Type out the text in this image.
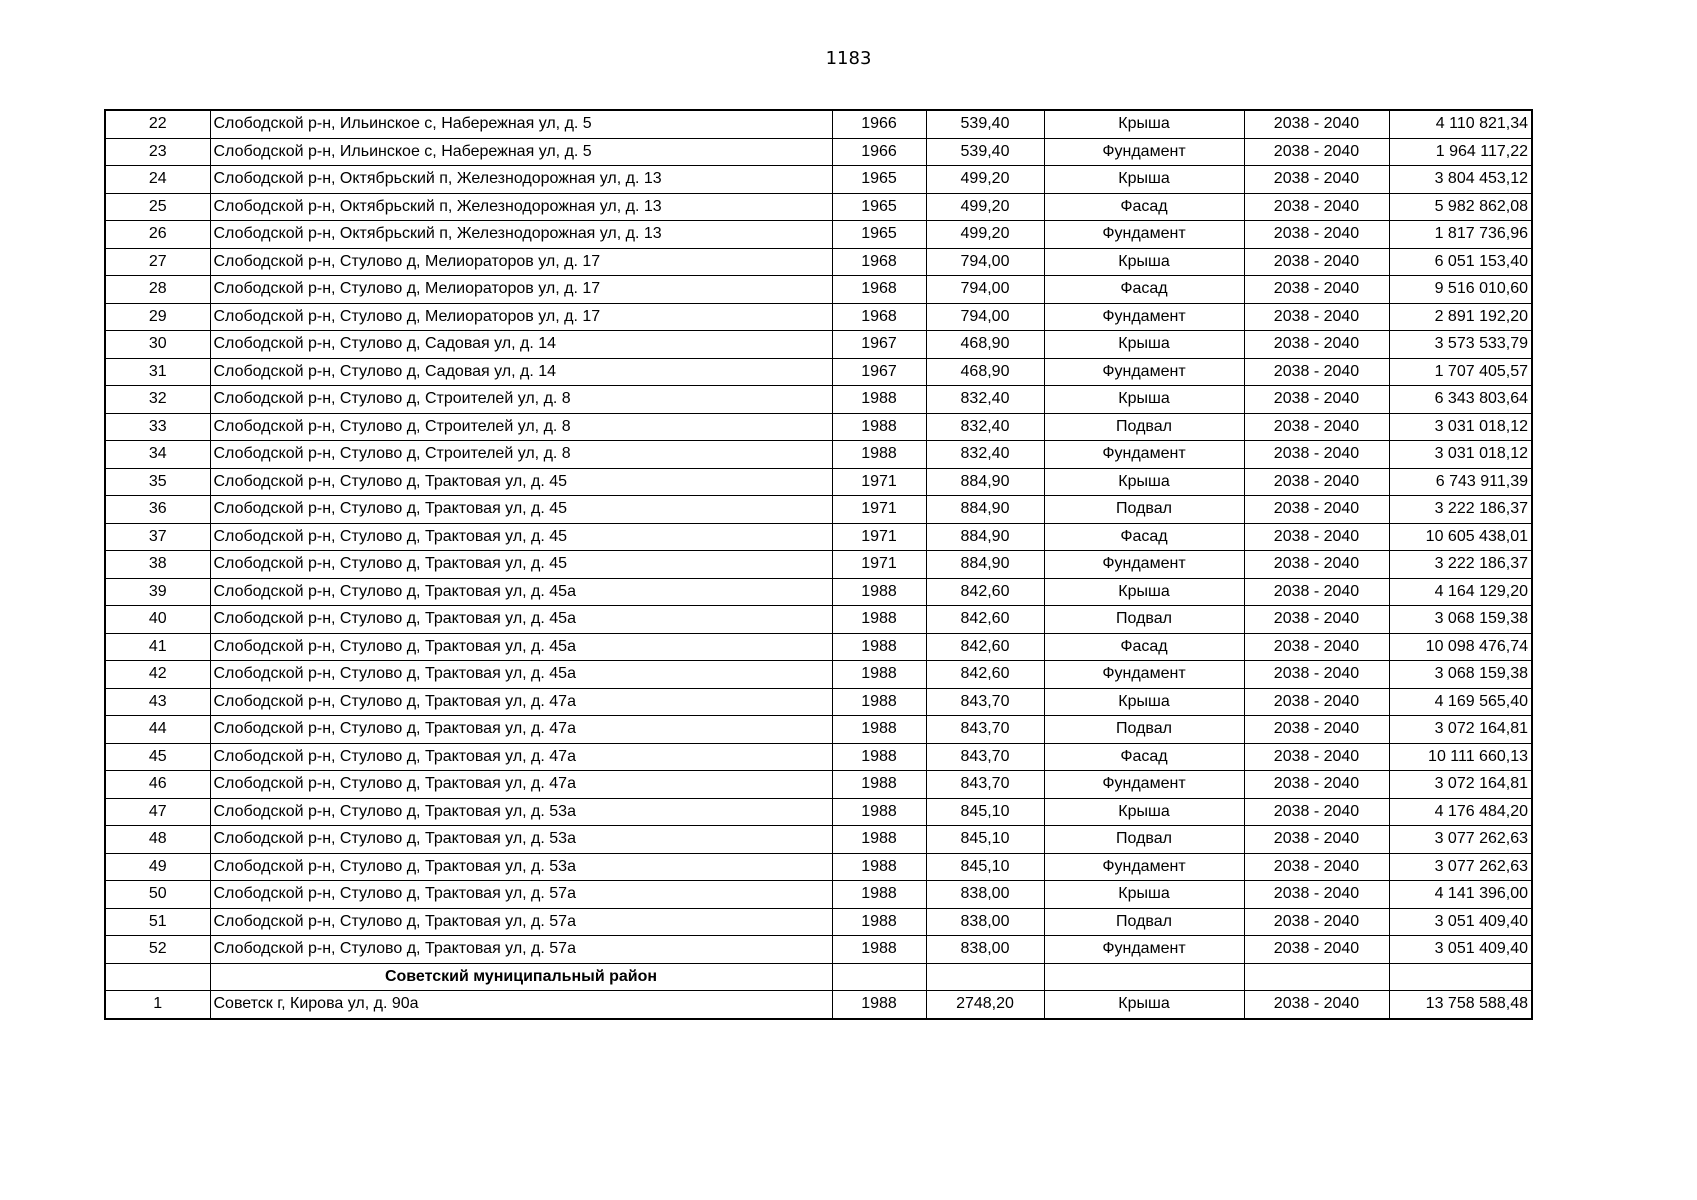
1183
22	Слободской р-н, Ильинское с, Набережная ул, д. 5	1966	539,40	Крыша	2038 - 2040	4 110 821,34
23	Слободской р-н, Ильинское с, Набережная ул, д. 5	1966	539,40	Фундамент	2038 - 2040	1 964 117,22
24	Слободской р-н, Октябрьский п, Железнодорожная ул, д. 13	1965	499,20	Крыша	2038 - 2040	3 804 453,12
25	Слободской р-н, Октябрьский п, Железнодорожная ул, д. 13	1965	499,20	Фасад	2038 - 2040	5 982 862,08
26	Слободской р-н, Октябрьский п, Железнодорожная ул, д. 13	1965	499,20	Фундамент	2038 - 2040	1 817 736,96
27	Слободской р-н, Стулово д, Мелиораторов ул, д. 17	1968	794,00	Крыша	2038 - 2040	6 051 153,40
28	Слободской р-н, Стулово д, Мелиораторов ул, д. 17	1968	794,00	Фасад	2038 - 2040	9 516 010,60
29	Слободской р-н, Стулово д, Мелиораторов ул, д. 17	1968	794,00	Фундамент	2038 - 2040	2 891 192,20
30	Слободской р-н, Стулово д, Садовая ул, д. 14	1967	468,90	Крыша	2038 - 2040	3 573 533,79
31	Слободской р-н, Стулово д, Садовая ул, д. 14	1967	468,90	Фундамент	2038 - 2040	1 707 405,57
32	Слободской р-н, Стулово д, Строителей ул, д. 8	1988	832,40	Крыша	2038 - 2040	6 343 803,64
33	Слободской р-н, Стулово д, Строителей ул, д. 8	1988	832,40	Подвал	2038 - 2040	3 031 018,12
34	Слободской р-н, Стулово д, Строителей ул, д. 8	1988	832,40	Фундамент	2038 - 2040	3 031 018,12
35	Слободской р-н, Стулово д, Трактовая ул, д. 45	1971	884,90	Крыша	2038 - 2040	6 743 911,39
36	Слободской р-н, Стулово д, Трактовая ул, д. 45	1971	884,90	Подвал	2038 - 2040	3 222 186,37
37	Слободской р-н, Стулово д, Трактовая ул, д. 45	1971	884,90	Фасад	2038 - 2040	10 605 438,01
38	Слободской р-н, Стулово д, Трактовая ул, д. 45	1971	884,90	Фундамент	2038 - 2040	3 222 186,37
39	Слободской р-н, Стулово д, Трактовая ул, д. 45а	1988	842,60	Крыша	2038 - 2040	4 164 129,20
40	Слободской р-н, Стулово д, Трактовая ул, д. 45а	1988	842,60	Подвал	2038 - 2040	3 068 159,38
41	Слободской р-н, Стулово д, Трактовая ул, д. 45а	1988	842,60	Фасад	2038 - 2040	10 098 476,74
42	Слободской р-н, Стулово д, Трактовая ул, д. 45а	1988	842,60	Фундамент	2038 - 2040	3 068 159,38
43	Слободской р-н, Стулово д, Трактовая ул, д. 47а	1988	843,70	Крыша	2038 - 2040	4 169 565,40
44	Слободской р-н, Стулово д, Трактовая ул, д. 47а	1988	843,70	Подвал	2038 - 2040	3 072 164,81
45	Слободской р-н, Стулово д, Трактовая ул, д. 47а	1988	843,70	Фасад	2038 - 2040	10 111 660,13
46	Слободской р-н, Стулово д, Трактовая ул, д. 47а	1988	843,70	Фундамент	2038 - 2040	3 072 164,81
47	Слободской р-н, Стулово д, Трактовая ул, д. 53а	1988	845,10	Крыша	2038 - 2040	4 176 484,20
48	Слободской р-н, Стулово д, Трактовая ул, д. 53а	1988	845,10	Подвал	2038 - 2040	3 077 262,63
49	Слободской р-н, Стулово д, Трактовая ул, д. 53а	1988	845,10	Фундамент	2038 - 2040	3 077 262,63
50	Слободской р-н, Стулово д, Трактовая ул, д. 57а	1988	838,00	Крыша	2038 - 2040	4 141 396,00
51	Слободской р-н, Стулово д, Трактовая ул, д. 57а	1988	838,00	Подвал	2038 - 2040	3 051 409,40
52	Слободской р-н, Стулово д, Трактовая ул, д. 57а	1988	838,00	Фундамент	2038 - 2040	3 051 409,40
	Советский муниципальный район					
1	Советск г, Кирова ул, д. 90а	1988	2748,20	Крыша	2038 - 2040	13 758 588,48
